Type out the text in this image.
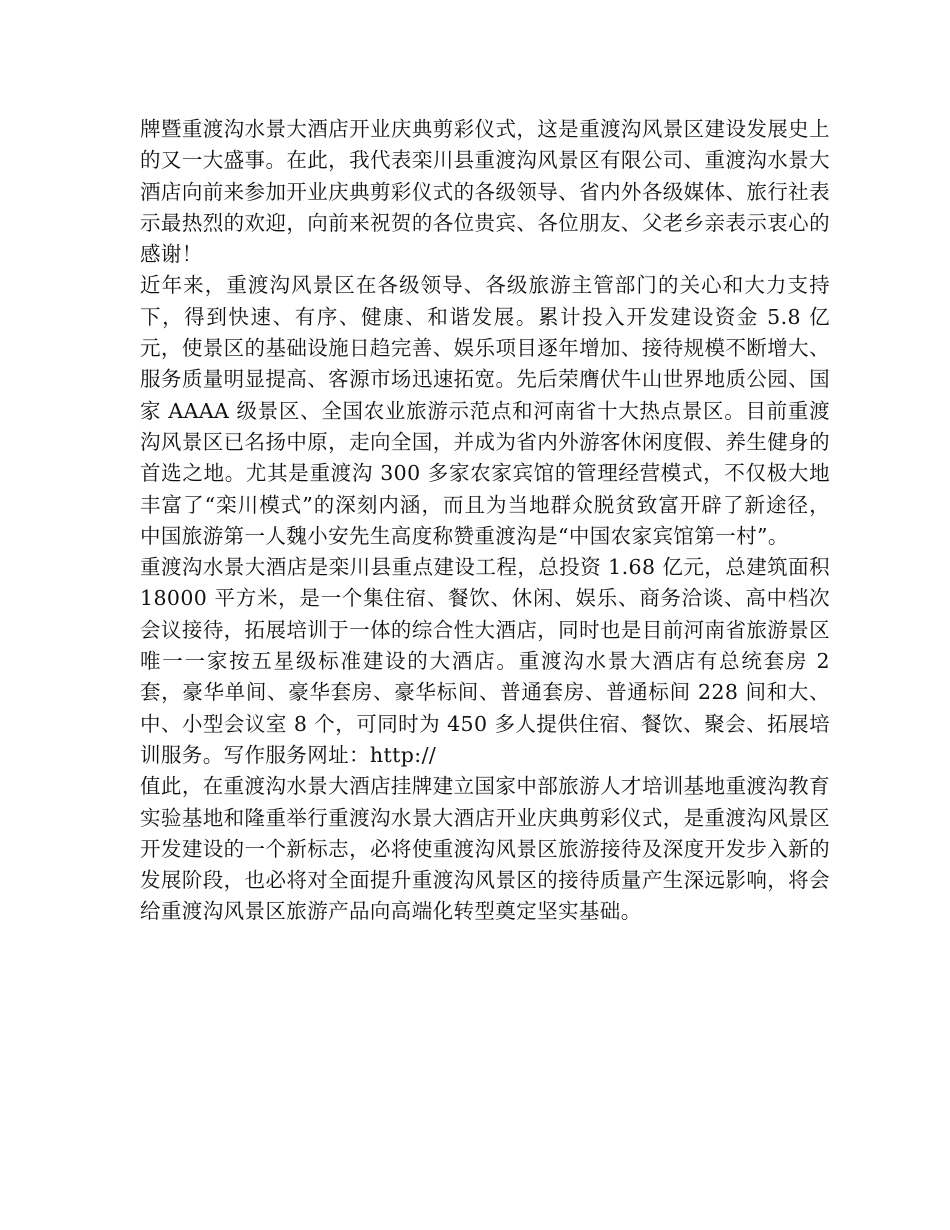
牌暨重渡沟水景大酒店开业庆典剪彩仪式，这是重渡沟风景区建设发展史上的又一大盛事。在此，我代表栾川县重渡沟风景区有限公司、重渡沟水景大酒店向前来参加开业庆典剪彩仪式的各级领导、省内外各级媒体、旅行社表示最热烈的欢迎，向前来祝贺的各位贵宾、各位朋友、父老乡亲表示衷心的感谢！

近年来，重渡沟风景区在各级领导、各级旅游主管部门的关心和大力支持下，得到快速、有序、健康、和谐发展。累计投入开发建设资金 5.8 亿元，使景区的基础设施日趋完善、娱乐项目逐年增加、接待规模不断增大、服务质量明显提高、客源市场迅速拓宽。先后荣膺伏牛山世界地质公园、国家 AAAA 级景区、全国农业旅游示范点和河南省十大热点景区。目前重渡沟风景区已名扬中原，走向全国，并成为省内外游客休闲度假、养生健身的首选之地。尤其是重渡沟 300 多家农家宾馆的管理经营模式，不仅极大地丰富了“栾川模式”的深刻内涵，而且为当地群众脱贫致富开辟了新途径，中国旅游第一人魏小安先生高度称赞重渡沟是“中国农家宾馆第一村”。

重渡沟水景大酒店是栾川县重点建设工程，总投资 1.68 亿元，总建筑面积 18000 平方米，是一个集住宿、餐饮、休闲、娱乐、商务洽谈、高中档次会议接待，拓展培训于一体的综合性大酒店，同时也是目前河南省旅游景区唯一一家按五星级标准建设的大酒店。重渡沟水景大酒店有总统套房 2 套，豪华单间、豪华套房、豪华标间、普通套房、普通标间 228 间和大、中、小型会议室 8 个，可同时为 450 多人提供住宿、餐饮、聚会、拓展培训服务。写作服务网址：http://

值此，在重渡沟水景大酒店挂牌建立国家中部旅游人才培训基地重渡沟教育实验基地和隆重举行重渡沟水景大酒店开业庆典剪彩仪式，是重渡沟风景区开发建设的一个新标志，必将使重渡沟风景区旅游接待及深度开发步入新的发展阶段，也必将对全面提升重渡沟风景区的接待质量产生深远影响，将会给重渡沟风景区旅游产品向高端化转型奠定坚实基础。
